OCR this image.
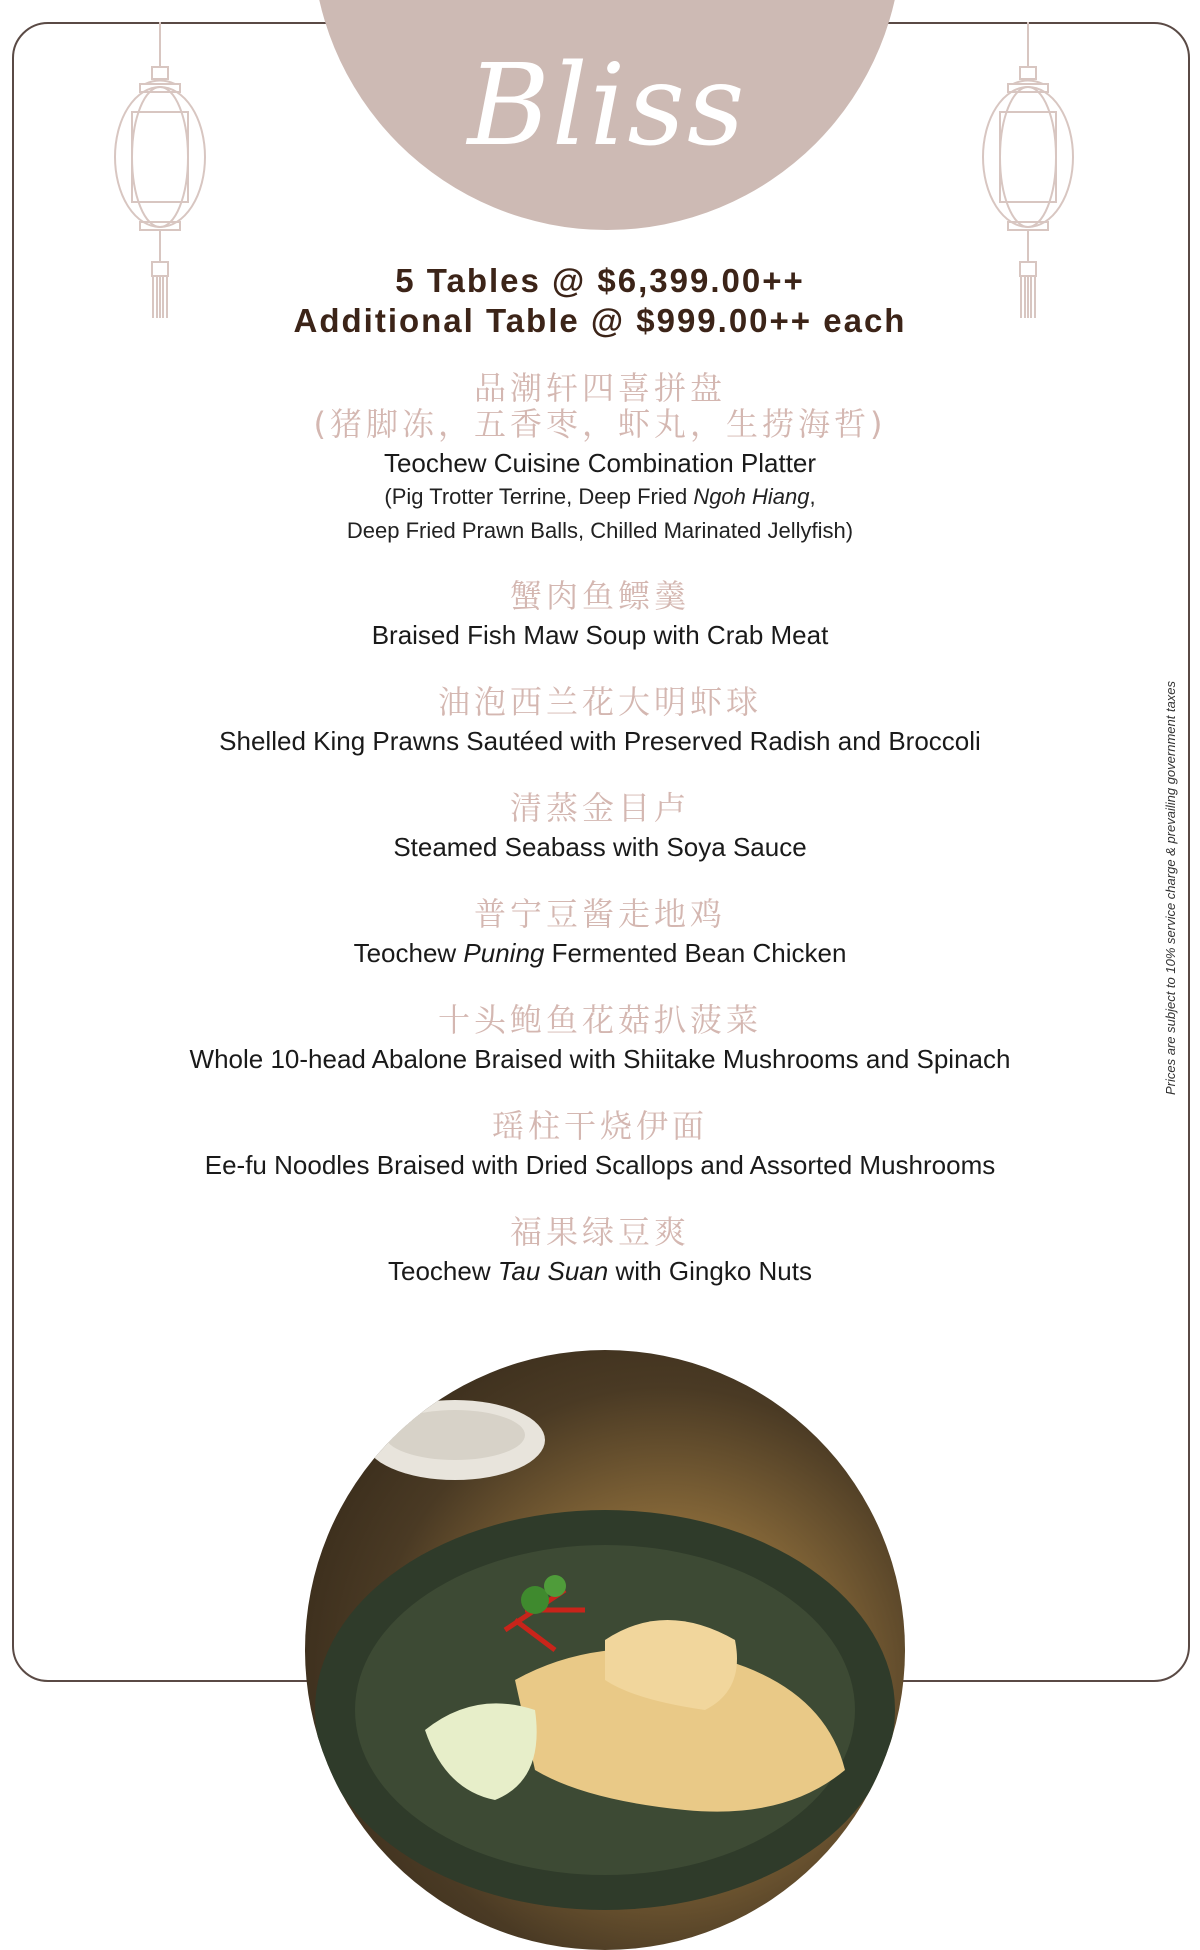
Bliss
5 Tables @ $6,399.00++
Additional Table @ $999.00++ each
品潮轩四喜拼盘
(猪脚冻，五香枣，虾丸，生捞海哲)
Teochew Cuisine Combination Platter
(Pig Trotter Terrine, Deep Fried Ngoh Hiang,
Deep Fried Prawn Balls, Chilled Marinated Jellyfish)
蟹肉鱼鳔羹
Braised Fish Maw Soup with Crab Meat
油泡西兰花大明虾球
Shelled King Prawns Sautéed with Preserved Radish and Broccoli
清蒸金目卢
Steamed Seabass with Soya Sauce
普宁豆酱走地鸡
Teochew Puning Fermented Bean Chicken
十头鲍鱼花菇扒菠菜
Whole 10-head Abalone Braised with Shiitake Mushrooms and Spinach
瑶柱干烧伊面
Ee-fu Noodles Braised with Dried Scallops and Assorted Mushrooms
福果绿豆爽
Teochew Tau Suan with Gingko Nuts
Prices are subject to 10% service charge & prevailing government taxes
